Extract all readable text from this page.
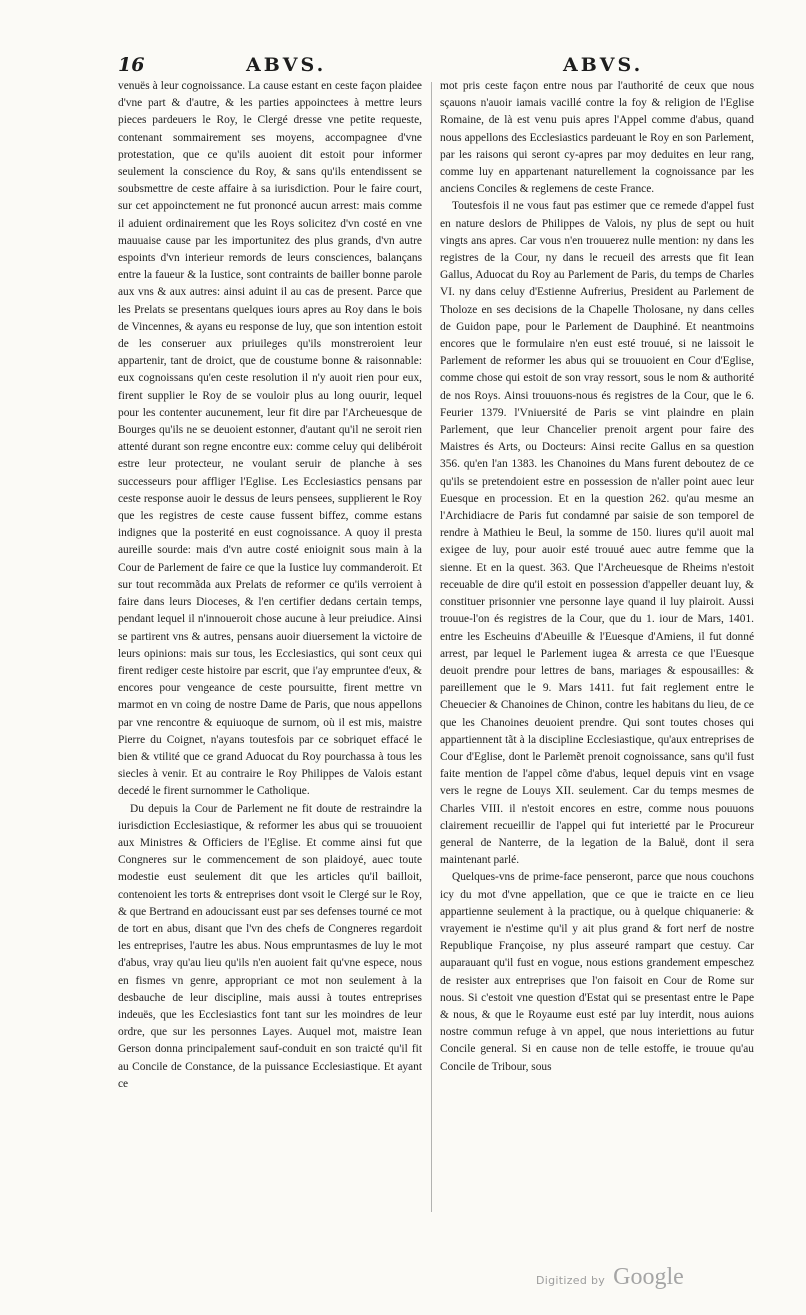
16	ABVS.	ABVS.

venuës à leur cognoissance. La cause estant en ceste façon plaidee d'vne part & d'autre, & les parties appoinctees à mettre leurs pieces pardeuers le Roy, le Clergé dresse vne petite requeste, contenant sommairement ses moyens, accompagnee d'vne protestation, que ce qu'ils auoient dit estoit pour informer seulement la conscience du Roy, & sans qu'ils entendissent se soubsmettre de ceste affaire à sa iurisdiction. Pour le faire court, sur cet appoinctement ne fut prononcé aucun arrest: mais comme il aduient ordinairement que les Roys solicitez d'vn costé en vne mauuaise cause par les importunitez des plus grands, d'vn autre espoints d'vn interieur remords de leurs consciences, balançans entre la faueur & la Iustice, sont contraints de bailler bonne parole aux vns & aux autres: ainsi aduint il au cas de present. Parce que les Prelats se presentans quelques iours apres au Roy dans le bois de Vincennes, & ayans eu response de luy, que son intention estoit de les conseruer aux priuileges qu'ils monstreroient leur appartenir, tant de droict, que de coustume bonne & raisonnable: eux cognoissans qu'en ceste resolution il n'y auoit rien pour eux, firent supplier le Roy de se vouloir plus au long ouurir, lequel pour les contenter aucunement, leur fit dire par l'Archeuesque de Bourges qu'ils ne se deuoient estonner, d'autant qu'il ne seroit rien attenté durant son regne encontre eux: comme celuy qui delibéroit estre leur protecteur, ne voulant seruir de planche à ses successeurs pour affliger l'Eglise. Les Ecclesiastics pensans par ceste response auoir le dessus de leurs pensees, supplierent le Roy que les registres de ceste cause fussent biffez, comme estans indignes que la posterité en eust cognoissance. A quoy il presta aureille sourde: mais d'vn autre costé enioignit sous main à la Cour de Parlement de faire ce que la Iustice luy commanderoit. Et sur tout recommãda aux Prelats de reformer ce qu'ils verroient à faire dans leurs Dioceses, & l'en certifier dedans certain temps, pendant lequel il n'innoueroit chose aucune à leur preiudice. Ainsi se partirent vns & autres, pensans auoir diuersement la victoire de leurs opinions: mais sur tous, les Ecclesiastics, qui sont ceux qui firent rediger ceste histoire par escrit, que i'ay empruntee d'eux, & encores pour vengeance de ceste poursuitte, firent mettre vn marmot en vn coing de nostre Dame de Paris, que nous appellons par vne rencontre & equiuoque de surnom, où il est mis, maistre Pierre du Coignet, n'ayans toutesfois par ce sobriquet effacé le bien & vtilité que ce grand Aduocat du Roy pourchassa à tous les siecles à venir. Et au contraire le Roy Philippes de Valois estant decedé le firent surnommer le Catholique.

Du depuis la Cour de Parlement ne fit doute de restraindre la iurisdiction Ecclesiastique, & reformer les abus qui se trouuoient aux Ministres & Officiers de l'Eglise. Et comme ainsi fut que Congneres sur le commencement de son plaidoyé, auec toute modestie eust seulement dit que les articles qu'il bailloit, contenoient les torts & entreprises dont vsoit le Clergé sur le Roy, & que Bertrand en adoucissant eust par ses defenses tourné ce mot de tort en abus, disant que l'vn des chefs de Congneres regardoit les entreprises, l'autre les abus. Nous empruntasmes de luy le mot d'abus, vray qu'au lieu qu'ils n'en auoient fait qu'vne espece, nous en fismes vn genre, appropriant ce mot non seulement à la desbauche de leur discipline, mais aussi à toutes entreprises indeuës, que les Ecclesiastics font tant sur les moindres de leur ordre, que sur les personnes Layes. Auquel mot, maistre Iean Gerson donna principalement sauf-conduit en son traicté qu'il fit au Concile de Constance, de la puissance Ecclesiastique. Et ayant ce

mot pris ceste façon entre nous par l'authorité de ceux que nous sçauons n'auoir iamais vacillé contre la foy & religion de l'Eglise Romaine, de là est venu puis apres l'Appel comme d'abus, quand nous appellons des Ecclesiastics pardeuant le Roy en son Parlement, par les raisons qui seront cy-apres par moy deduites en leur rang, comme luy en appartenant naturellement la cognoissance par les anciens Conciles & reglemens de ceste France.

Toutesfois il ne vous faut pas estimer que ce remede d'appel fust en nature deslors de Philippes de Valois, ny plus de sept ou huit vingts ans apres. Car vous n'en trouuerez nulle mention: ny dans les registres de la Cour, ny dans le recueil des arrests que fit Iean Gallus, Aduocat du Roy au Parlement de Paris, du temps de Charles VI. ny dans celuy d'Estienne Aufrerius, President au Parlement de Tholoze en ses decisions de la Chapelle Tholosane, ny dans celles de Guidon pape, pour le Parlement de Dauphiné. Et neantmoins encores que le formulaire n'en eust esté trouué, si ne laissoit le Parlement de reformer les abus qui se trouuoient en Cour d'Eglise, comme chose qui estoit de son vray ressort, sous le nom & authorité de nos Roys. Ainsi trouuons-nous és registres de la Cour, que le 6. Feurier 1379. l'Vniuersité de Paris se vint plaindre en plain Parlement, que leur Chancelier prenoit argent pour faire des Maistres és Arts, ou Docteurs: Ainsi recite Gallus en sa question 356. qu'en l'an 1383. les Chanoines du Mans furent deboutez de ce qu'ils se pretendoient estre en possession de n'aller point auec leur Euesque en procession. Et en la question 262. qu'au mesme an l'Archidiacre de Paris fut condamné par saisie de son temporel de rendre à Mathieu le Beul, la somme de 150. liures qu'il auoit mal exigee de luy, pour auoir esté trouué auec autre femme que la sienne. Et en la quest. 363. Que l'Archeuesque de Rheims n'estoit receuable de dire qu'il estoit en possession d'appeller deuant luy, & constituer prisonnier vne personne laye quand il luy plairoit. Aussi trouue-l'on és registres de la Cour, que du 1. iour de Mars, 1401. entre les Escheuins d'Abeuille & l'Euesque d'Amiens, il fut donné arrest, par lequel le Parlement iugea & arresta ce que l'Euesque deuoit prendre pour lettres de bans, mariages & espousailles: & pareillement que le 9. Mars 1411. fut fait reglement entre le Cheuecier & Chanoines de Chinon, contre les habitans du lieu, de ce que les Chanoines deuoient prendre. Qui sont toutes choses qui appartiennent tãt à la discipline Ecclesiastique, qu'aux entreprises de Cour d'Eglise, dont le Parlemẽt prenoit cognoissance, sans qu'il fust faite mention de l'appel cõme d'abus, lequel depuis vint en vsage vers le regne de Louys XII. seulement. Car du temps mesmes de Charles VIII. il n'estoit encores en estre, comme nous pouuons clairement recueillir de l'appel qui fut interietté par le Procureur general de Nanterre, de la legation de la Baluë, dont il sera maintenant parlé.

Quelques-vns de prime-face penseront, parce que nous couchons icy du mot d'vne appellation, que ce que ie traicte en ce lieu appartienne seulement à la practique, ou à quelque chiquanerie: & vrayement ie n'estime qu'il y ait plus grand & fort nerf de nostre Republique Françoise, ny plus asseuré rampart que cestuy. Car auparauant qu'il fust en vogue, nous estions grandement empeschez de resister aux entreprises que l'on faisoit en Cour de Rome sur nous. Si c'estoit vne question d'Estat qui se presentast entre le Pape & nous, & que le Royaume eust esté par luy interdit, nous auions nostre commun refuge à vn appel, que nous interiettions au futur Concile general. Si en cause non de telle estoffe, ie trouue qu'au Concile de Tribour, sous

Digitized by Google
